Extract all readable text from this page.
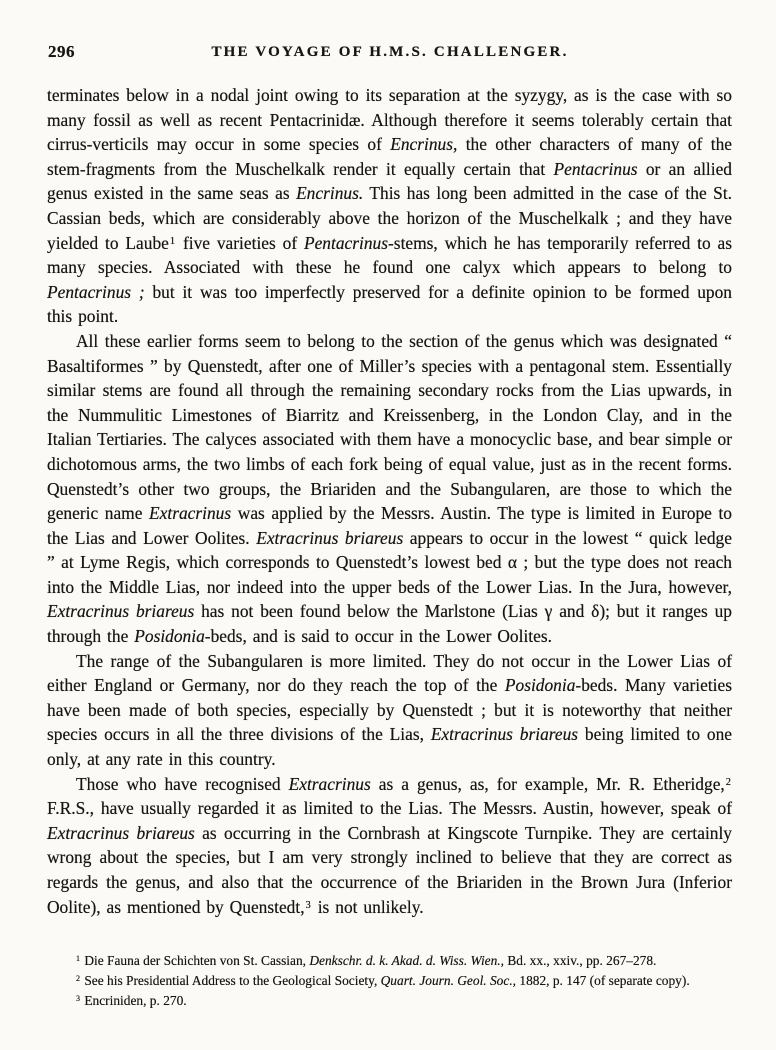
296	THE VOYAGE OF H.M.S. CHALLENGER.

terminates below in a nodal joint owing to its separation at the syzygy, as is the case with so many fossil as well as recent Pentacrinidæ. Although therefore it seems tolerably certain that cirrus-verticils may occur in some species of Encrinus, the other characters of many of the stem-fragments from the Muschelkalk render it equally certain that Pentacrinus or an allied genus existed in the same seas as Encrinus. This has long been admitted in the case of the St. Cassian beds, which are considerably above the horizon of the Muschelkalk ; and they have yielded to Laube$^1$ five varieties of Pentacrinus-stems, which he has temporarily referred to as many species. Associated with these he found one calyx which appears to belong to Pentacrinus ; but it was too imperfectly preserved for a definite opinion to be formed upon this point.

All these earlier forms seem to belong to the section of the genus which was designated “ Basaltiformes ” by Quenstedt, after one of Miller’s species with a pentagonal stem. Essentially similar stems are found all through the remaining secondary rocks from the Lias upwards, in the Nummulitic Limestones of Biarritz and Kreissenberg, in the London Clay, and in the Italian Tertiaries. The calyces associated with them have a monocyclic base, and bear simple or dichotomous arms, the two limbs of each fork being of equal value, just as in the recent forms. Quenstedt’s other two groups, the Briariden and the Subangularen, are those to which the generic name Extracrinus was applied by the Messrs. Austin. The type is limited in Europe to the Lias and Lower Oolites. Extracrinus briareus appears to occur in the lowest “ quick ledge ” at Lyme Regis, which corresponds to Quenstedt’s lowest bed α ; but the type does not reach into the Middle Lias, nor indeed into the upper beds of the Lower Lias. In the Jura, however, Extracrinus briareus has not been found below the Marlstone (Lias γ and δ); but it ranges up through the Posidonia-beds, and is said to occur in the Lower Oolites.

The range of the Subangularen is more limited. They do not occur in the Lower Lias of either England or Germany, nor do they reach the top of the Posidonia-beds. Many varieties have been made of both species, especially by Quenstedt ; but it is noteworthy that neither species occurs in all the three divisions of the Lias, Extracrinus briareus being limited to one only, at any rate in this country.

Those who have recognised Extracrinus as a genus, as, for example, Mr. R. Etheridge,$^2$ F.R.S., have usually regarded it as limited to the Lias. The Messrs. Austin, however, speak of Extracrinus briareus as occurring in the Cornbrash at Kingscote Turnpike. They are certainly wrong about the species, but I am very strongly inclined to believe that they are correct as regards the genus, and also that the occurrence of the Briariden in the Brown Jura (Inferior Oolite), as mentioned by Quenstedt,$^3$ is not unlikely.

$^1$ Die Fauna der Schichten von St. Cassian, Denkschr. d. k. Akad. d. Wiss. Wien., Bd. xx., xxiv., pp. 267–278.
$^2$ See his Presidential Address to the Geological Society, Quart. Journ. Geol. Soc., 1882, p. 147 (of separate copy).
$^3$ Encriniden, p. 270.
